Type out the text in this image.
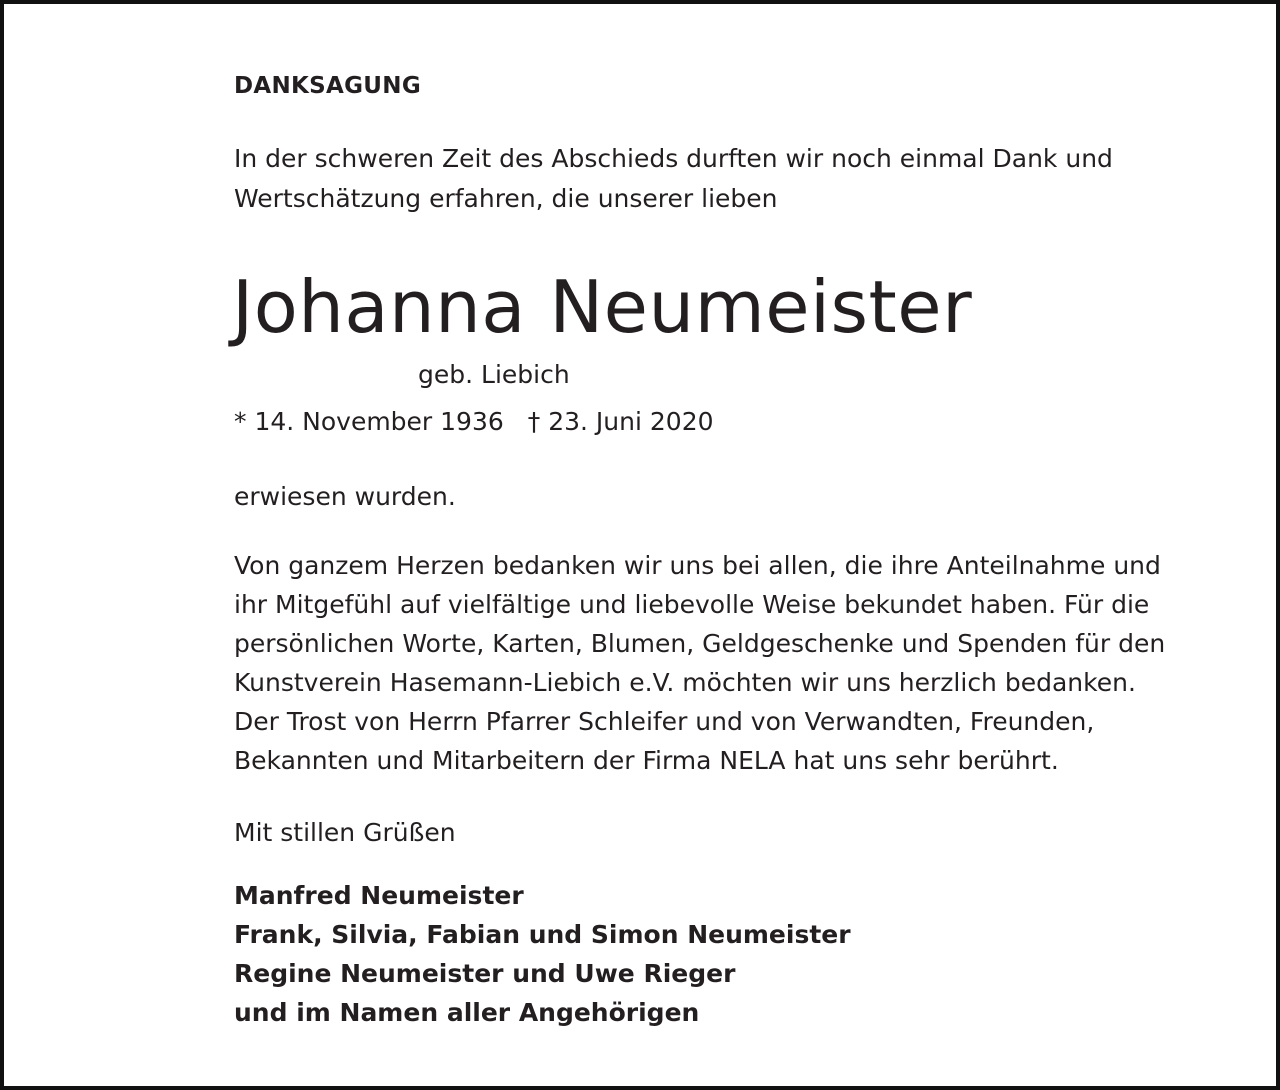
DANKSAGUNG
In der schweren Zeit des Abschieds durften wir noch einmal Dank und
Wertschätzung erfahren, die unserer lieben
Johanna Neumeister
geb. Liebich
* 14. November 1936 † 23. Juni 2020
erwiesen wurden.
Von ganzem Herzen bedanken wir uns bei allen, die ihre Anteilnahme und
ihr Mitgefühl auf vielfältige und liebevolle Weise bekundet haben. Für die
persönlichen Worte, Karten, Blumen, Geldgeschenke und Spenden für den
Kunstverein Hasemann-Liebich e.V. möchten wir uns herzlich bedanken.
Der Trost von Herrn Pfarrer Schleifer und von Verwandten, Freunden,
Bekannten und Mitarbeitern der Firma NELA hat uns sehr berührt.
Mit stillen Grüßen
Manfred Neumeister
Frank, Silvia, Fabian und Simon Neumeister
Regine Neumeister und Uwe Rieger
und im Namen aller Angehörigen
